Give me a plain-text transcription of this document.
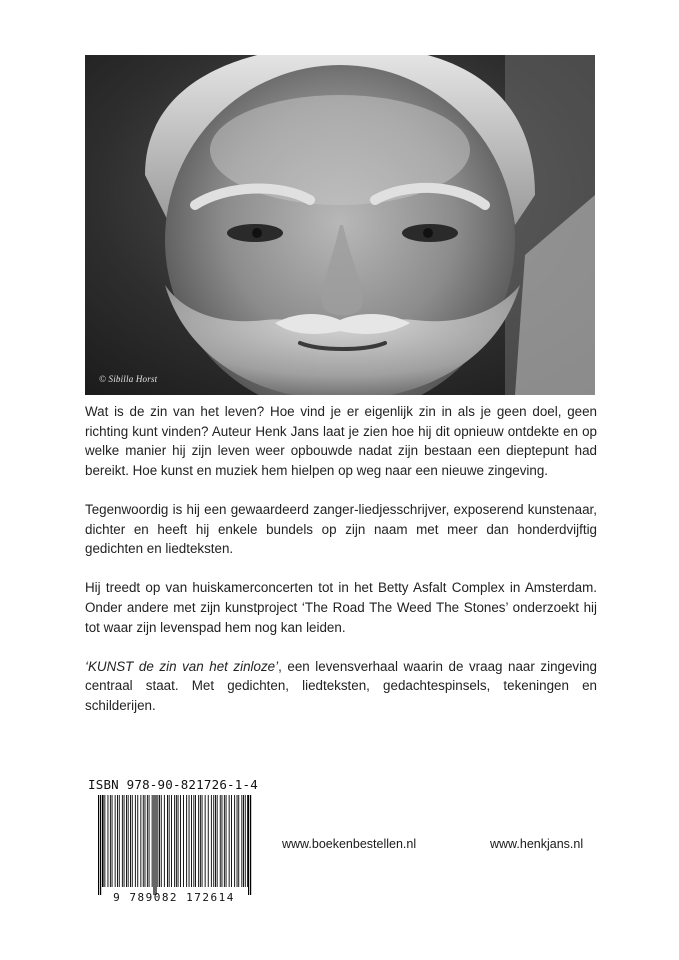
© Sibilla Horst

Wat is de zin van het leven? Hoe vind je er eigenlijk zin in als je geen doel, geen richting kunt vinden? Auteur Henk Jans laat je zien hoe hij dit opnieuw ontdekte en op welke manier hij zijn leven weer opbouwde nadat zijn bestaan een dieptepunt had bereikt. Hoe kunst en muziek hem hielpen op weg naar een nieuwe zingeving.

Tegenwoordig is hij een gewaardeerd zanger-liedjesschrijver, exposerend kunstenaar, dichter en heeft hij enkele bundels op zijn naam met meer dan honderdvijftig gedichten en liedteksten.

Hij treedt op van huiskamerconcerten tot in het Betty Asfalt Complex in Amsterdam. Onder andere met zijn kunstproject ‘The Road The Weed The Stones’ onderzoekt hij tot waar zijn levenspad hem nog kan leiden.

‘KUNST de zin van het zinloze’, een levensverhaal waarin de vraag naar zingeving centraal staat. Met gedichten, liedteksten, gedachtespinsels, tekeningen en schilderijen.

ISBN 978-90-821726-1-4
9 789082 172614
www.boekenbestellen.nl	www.henkjans.nl
